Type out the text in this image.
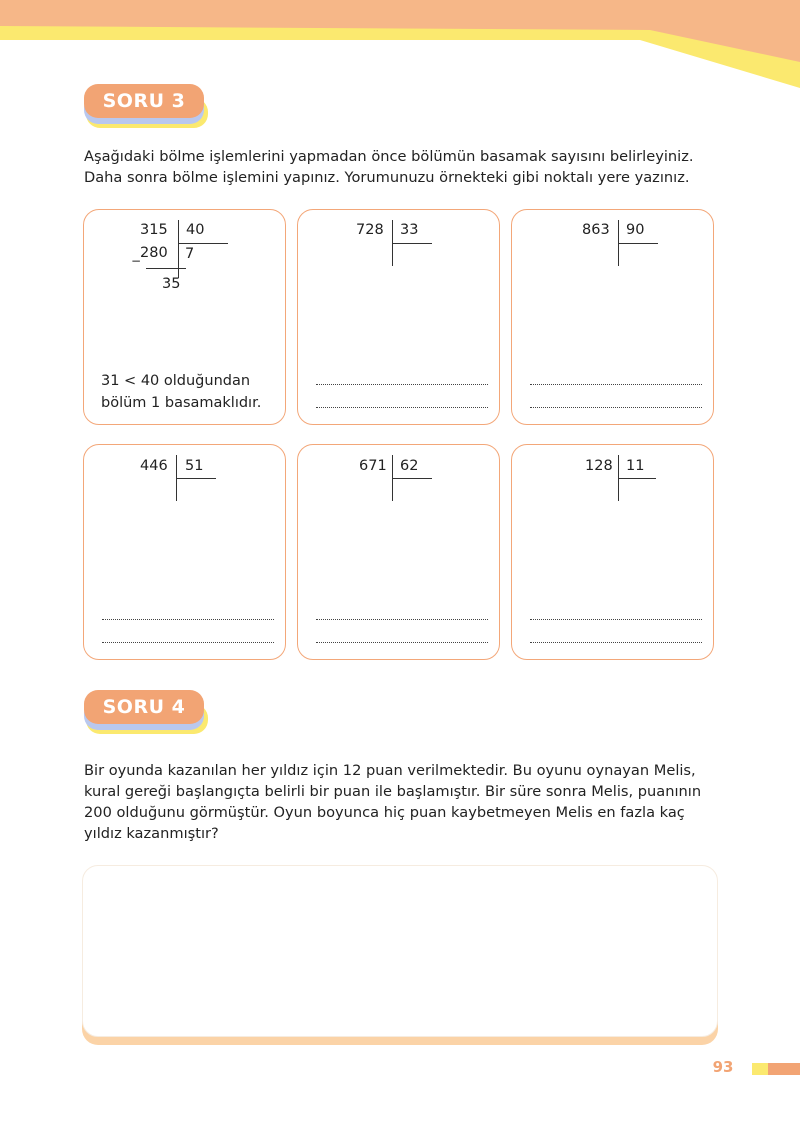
SORU 3
Aşağıdaki bölme işlemlerini yapmadan önce bölümün basamak sayısını belirleyiniz.
Daha sonra bölme işlemini yapınız. Yorumunuzu örnekteki gibi noktalı yere yazınız.
315 40
280 7
−
35
31 < 40 olduğundan
bölüm 1 basamaklıdır.
728 33	863 90
446 51	671 62	128 11
SORU 4
Bir oyunda kazanılan her yıldız için 12 puan verilmektedir. Bu oyunu oynayan Melis,
kural gereği başlangıçta belirli bir puan ile başlamıştır. Bir süre sonra Melis, puanının
200 olduğunu görmüştür. Oyun boyunca hiç puan kaybetmeyen Melis en fazla kaç
yıldız kazanmıştır?
93
